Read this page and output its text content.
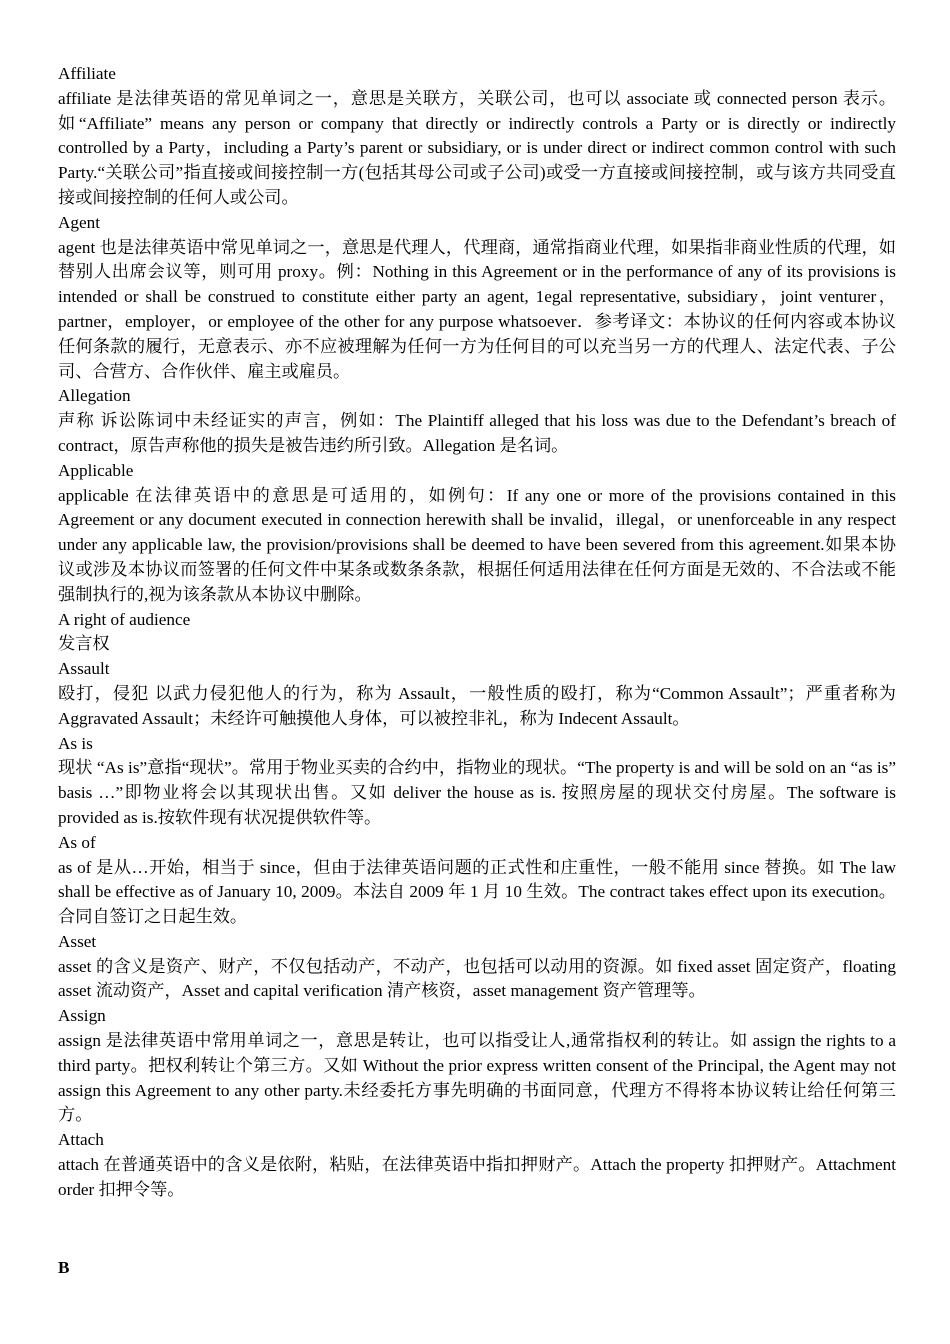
Affiliate

affiliate 是法律英语的常见单词之一，意思是关联方，关联公司，也可以 associate 或 connected person 表示。如“Affiliate” means any person or company that directly or indirectly controls a Party or is directly or indirectly controlled by a Party，including a Party’s parent or subsidiary, or is under direct or indirect common control with such Party.“关联公司”指直接或间接控制一方(包括其母公司或子公司)或受一方直接或间接控制，或与该方共同受直接或间接控制的任何人或公司。

Agent

agent 也是法律英语中常见单词之一，意思是代理人，代理商，通常指商业代理，如果指非商业性质的代理，如替别人出席会议等，则可用 proxy。例：Nothing in this Agreement or in the performance of any of its provisions is intended or shall be construed to constitute either party an agent, 1egal representative, subsidiary，joint venturer，partner，employer，or employee of the other for any purpose whatsoever．参考译文：本协议的任何内容或本协议任何条款的履行，无意表示、亦不应被理解为任何一方为任何目的可以充当另一方的代理人、法定代表、子公司、合营方、合作伙伴、雇主或雇员。

Allegation

声称 诉讼陈词中未经证实的声言，例如：The Plaintiff alleged that his loss was due to the Defendant’s breach of contract，原告声称他的损失是被告违约所引致。Allegation 是名词。

Applicable

applicable 在法律英语中的意思是可适用的，如例句：If any one or more of the provisions contained in this Agreement or any document executed in connection herewith shall be invalid，illegal，or unenforceable in any respect under any applicable law, the provision/provisions shall be deemed to have been severed from this agreement.如果本协议或涉及本协议而签署的任何文件中某条或数条条款，根据任何适用法律在任何方面是无效的、不合法或不能强制执行的,视为该条款从本协议中删除。

A right of audience

发言权

Assault

殴打，侵犯 以武力侵犯他人的行为，称为 Assault，一般性质的殴打，称为“Common Assault”；严重者称为 Aggravated Assault；未经许可触摸他人身体，可以被控非礼，称为 Indecent Assault。

As is

现状 “As is”意指“现状”。常用于物业买卖的合约中，指物业的现状。“The property is and will be sold on an “as is” basis …”即物业将会以其现状出售。又如 deliver the house as is. 按照房屋的现状交付房屋。The software is provided as is.按软件现有状况提供软件等。

As of

as of 是从…开始，相当于 since，但由于法律英语问题的正式性和庄重性，一般不能用 since 替换。如 The law shall be effective as of January 10, 2009。本法自 2009 年 1 月 10 生效。The contract takes effect upon its execution。合同自签订之日起生效。

Asset

asset 的含义是资产、财产，不仅包括动产，不动产，也包括可以动用的资源。如 fixed asset 固定资产，floating asset 流动资产，Asset and capital verification 清产核资，asset management 资产管理等。

Assign

assign 是法律英语中常用单词之一，意思是转让，也可以指受让人,通常指权利的转让。如 assign the rights to a third party。把权利转让个第三方。又如 Without the prior express written consent of the Principal, the Agent may not assign this Agreement to any other party.未经委托方事先明确的书面同意，代理方不得将本协议转让给任何第三方。

Attach

attach 在普通英语中的含义是依附，粘贴，在法律英语中指扣押财产。Attach the property 扣押财产。Attachment order 扣押令等。

B
